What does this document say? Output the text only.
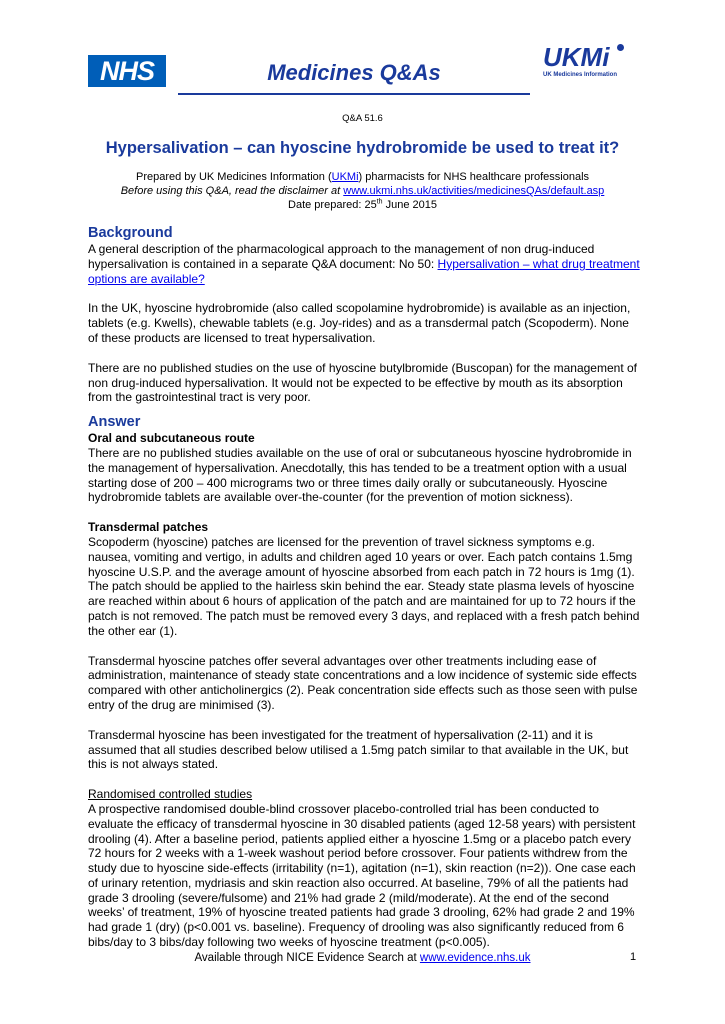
NHS	Medicines Q&As
UKMi
UK Medicines Information
Q&A 51.6
Hypersalivation – can hyoscine hydrobromide be used to treat it?
Prepared by UK Medicines Information (UKMi) pharmacists for NHS healthcare professionals
Before using this Q&A, read the disclaimer at www.ukmi.nhs.uk/activities/medicinesQAs/default.asp
Date prepared: 25th June 2015
Background

A general description of the pharmacological approach to the management of non drug-induced hypersalivation is contained in a separate Q&A document: No 50: Hypersalivation – what drug treatment options are available?

In the UK, hyoscine hydrobromide (also called scopolamine hydrobromide) is available as an injection, tablets (e.g. Kwells), chewable tablets (e.g. Joy-rides) and as a transdermal patch (Scopoderm). None of these products are licensed to treat hypersalivation.

There are no published studies on the use of hyoscine butylbromide (Buscopan) for the management of non drug-induced hypersalivation. It would not be expected to be effective by mouth as its absorption from the gastrointestinal tract is very poor.

Answer
Oral and subcutaneous route

There are no published studies available on the use of oral or subcutaneous hyoscine hydrobromide in the management of hypersalivation. Anecdotally, this has tended to be a treatment option with a usual starting dose of 200 – 400 micrograms two or three times daily orally or subcutaneously. Hyoscine hydrobromide tablets are available over-the-counter (for the prevention of motion sickness).

Transdermal patches

Scopoderm (hyoscine) patches are licensed for the prevention of travel sickness symptoms e.g. nausea, vomiting and vertigo, in adults and children aged 10 years or over. Each patch contains 1.5mg hyoscine U.S.P. and the average amount of hyoscine absorbed from each patch in 72 hours is 1mg (1). The patch should be applied to the hairless skin behind the ear. Steady state plasma levels of hyoscine are reached within about 6 hours of application of the patch and are maintained for up to 72 hours if the patch is not removed. The patch must be removed every 3 days, and replaced with a fresh patch behind the other ear (1).

Transdermal hyoscine patches offer several advantages over other treatments including ease of administration, maintenance of steady state concentrations and a low incidence of systemic side effects compared with other anticholinergics (2). Peak concentration side effects such as those seen with pulse entry of the drug are minimised (3).

Transdermal hyoscine has been investigated for the treatment of hypersalivation (2-11) and it is assumed that all studies described below utilised a 1.5mg patch similar to that available in the UK, but this is not always stated.

Randomised controlled studies

A prospective randomised double-blind crossover placebo-controlled trial has been conducted to evaluate the efficacy of transdermal hyoscine in 30 disabled patients (aged 12-58 years) with persistent drooling (4). After a baseline period, patients applied either a hyoscine 1.5mg or a placebo patch every 72 hours for 2 weeks with a 1-week washout period before crossover. Four patients withdrew from the study due to hyoscine side-effects (irritability (n=1), agitation (n=1), skin reaction (n=2)). One case each of urinary retention, mydriasis and skin reaction also occurred. At baseline, 79% of all the patients had grade 3 drooling (severe/fulsome) and 21% had grade 2 (mild/moderate). At the end of the second weeks’ of treatment, 19% of hyoscine treated patients had grade 3 drooling, 62% had grade 2 and 19% had grade 1 (dry) (p<0.001 vs. baseline). Frequency of drooling was also significantly reduced from 6 bibs/day to 3 bibs/day following two weeks of hyoscine treatment (p<0.005).

Available through NICE Evidence Search at www.evidence.nhs.uk	1
